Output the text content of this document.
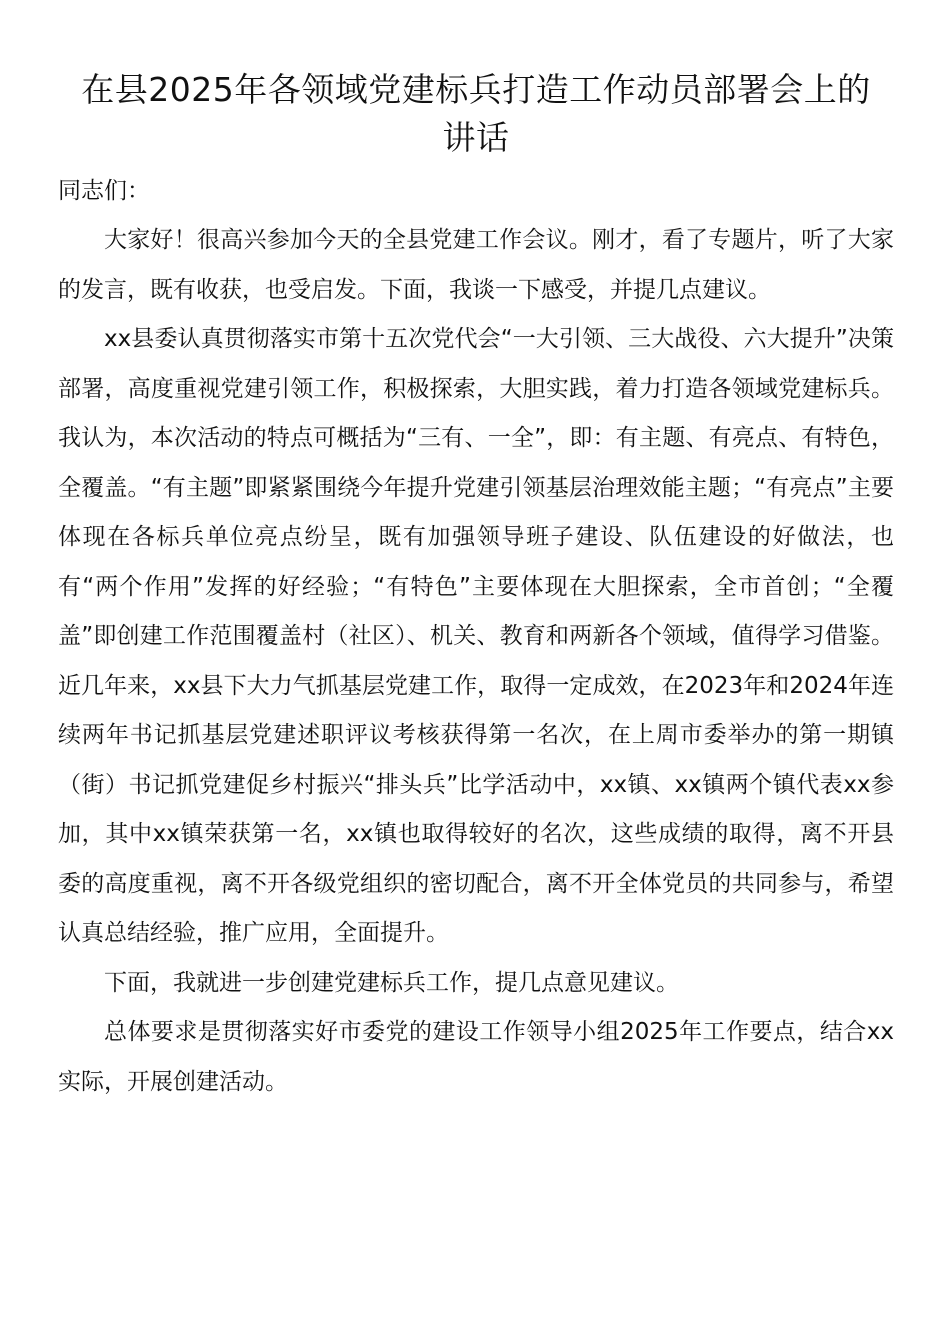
在县2025年各领域党建标兵打造工作动员部署会上的讲话

同志们：

大家好！很高兴参加今天的全县党建工作会议。刚才，看了专题片，听了大家的发言，既有收获，也受启发。下面，我谈一下感受，并提几点建议。

xx县委认真贯彻落实市第十五次党代会“一大引领、三大战役、六大提升”决策部署，高度重视党建引领工作，积极探索，大胆实践，着力打造各领域党建标兵。我认为，本次活动的特点可概括为“三有、一全”，即：有主题、有亮点、有特色，全覆盖。“有主题”即紧紧围绕今年提升党建引领基层治理效能主题；“有亮点”主要体现在各标兵单位亮点纷呈，既有加强领导班子建设、队伍建设的好做法，也有“两个作用”发挥的好经验；“有特色”主要体现在大胆探索，全市首创；“全覆盖”即创建工作范围覆盖村（社区）、机关、教育和两新各个领域，值得学习借鉴。近几年来，xx县下大力气抓基层党建工作，取得一定成效，在2023年和2024年连续两年书记抓基层党建述职评议考核获得第一名次，在上周市委举办的第一期镇（街）书记抓党建促乡村振兴“排头兵”比学活动中，xx镇、xx镇两个镇代表xx参加，其中xx镇荣获第一名，xx镇也取得较好的名次，这些成绩的取得，离不开县委的高度重视，离不开各级党组织的密切配合，离不开全体党员的共同参与，希望认真总结经验，推广应用，全面提升。

下面，我就进一步创建党建标兵工作，提几点意见建议。

总体要求是贯彻落实好市委党的建设工作领导小组2025年工作要点，结合xx实际，开展创建活动。
